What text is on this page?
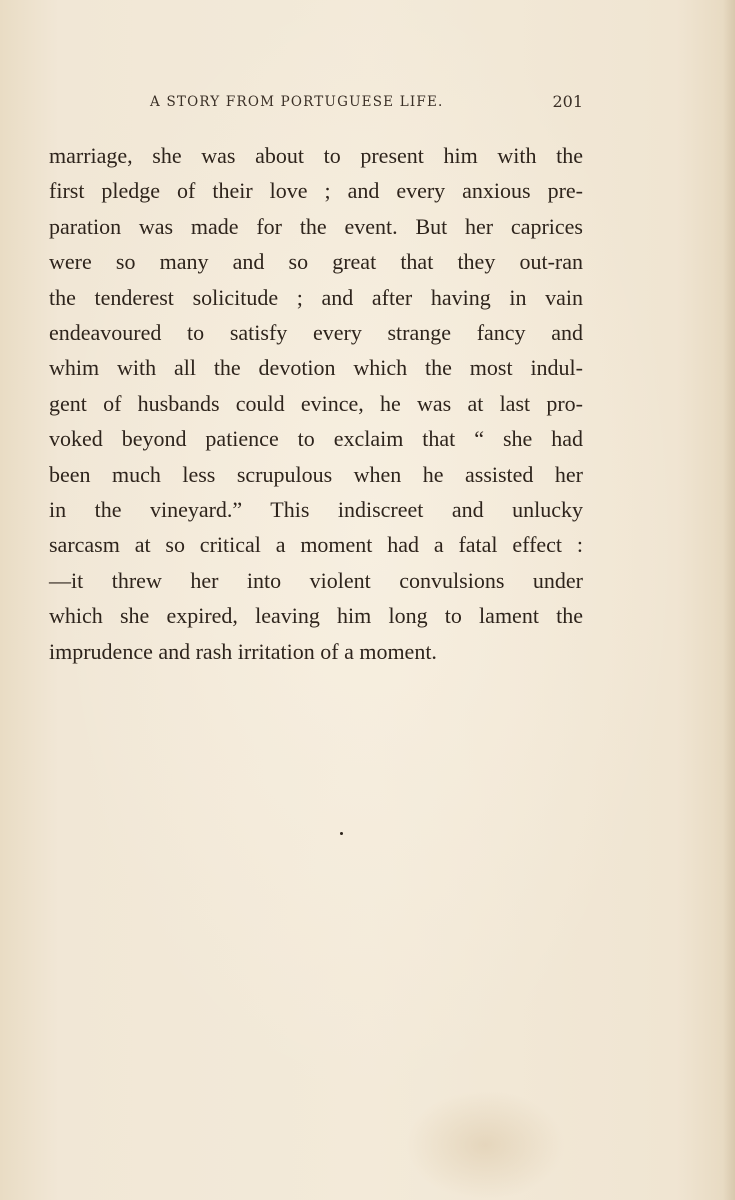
A STORY FROM PORTUGUESE LIFE.	201
marriage, she was about to present him with the
first pledge of their love ; and every anxious pre-
paration was made for the event. But her caprices
were so many and so great that they out-ran
the tenderest solicitude ; and after having in vain
endeavoured to satisfy every strange fancy and
whim with all the devotion which the most indul-
gent of husbands could evince, he was at last pro-
voked beyond patience to exclaim that “ she had
been much less scrupulous when he assisted her
in the vineyard.” This indiscreet and unlucky
sarcasm at so critical a moment had a fatal effect :
—it threw her into violent convulsions under
which she expired, leaving him long to lament the
imprudence and rash irritation of a moment.
